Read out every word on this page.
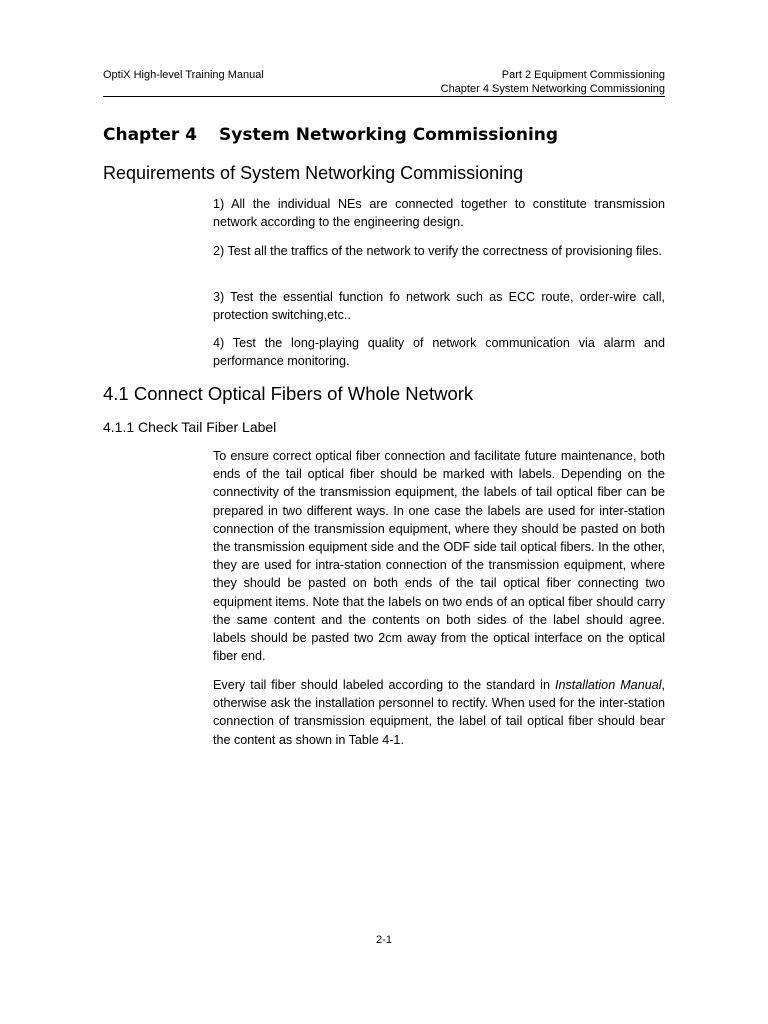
OptiX High-level Training Manual	Part 2 Equipment Commissioning
Chapter 4 System Networking Commissioning
Chapter 4 System Networking Commissioning
Requirements of System Networking Commissioning

1) All the individual NEs are connected together to constitute transmission network according to the engineering design.

2) Test all the traffics of the network to verify the correctness of provisioning files.

3) Test the essential function fo network such as ECC route, order-wire call, protection switching,etc..

4) Test the long-playing quality of network communication via alarm and performance monitoring.

4.1 Connect Optical Fibers of Whole Network
4.1.1 Check Tail Fiber Label

To ensure correct optical fiber connection and facilitate future maintenance, both ends of the tail optical fiber should be marked with labels. Depending on the connectivity of the transmission equipment, the labels of tail optical fiber can be prepared in two different ways. In one case the labels are used for inter-station connection of the transmission equipment, where they should be pasted on both the transmission equipment side and the ODF side tail optical fibers. In the other, they are used for intra-station connection of the transmission equipment, where they should be pasted on both ends of the tail optical fiber connecting two equipment items. Note that the labels on two ends of an optical fiber should carry the same content and the contents on both sides of the label should agree. labels should be pasted two 2cm away from the optical interface on the optical fiber end.

Every tail fiber should labeled according to the standard in Installation Manual, otherwise ask the installation personnel to rectify. When used for the inter-station connection of transmission equipment, the label of tail optical fiber should bear the content as shown in Table 4-1.

2-1
